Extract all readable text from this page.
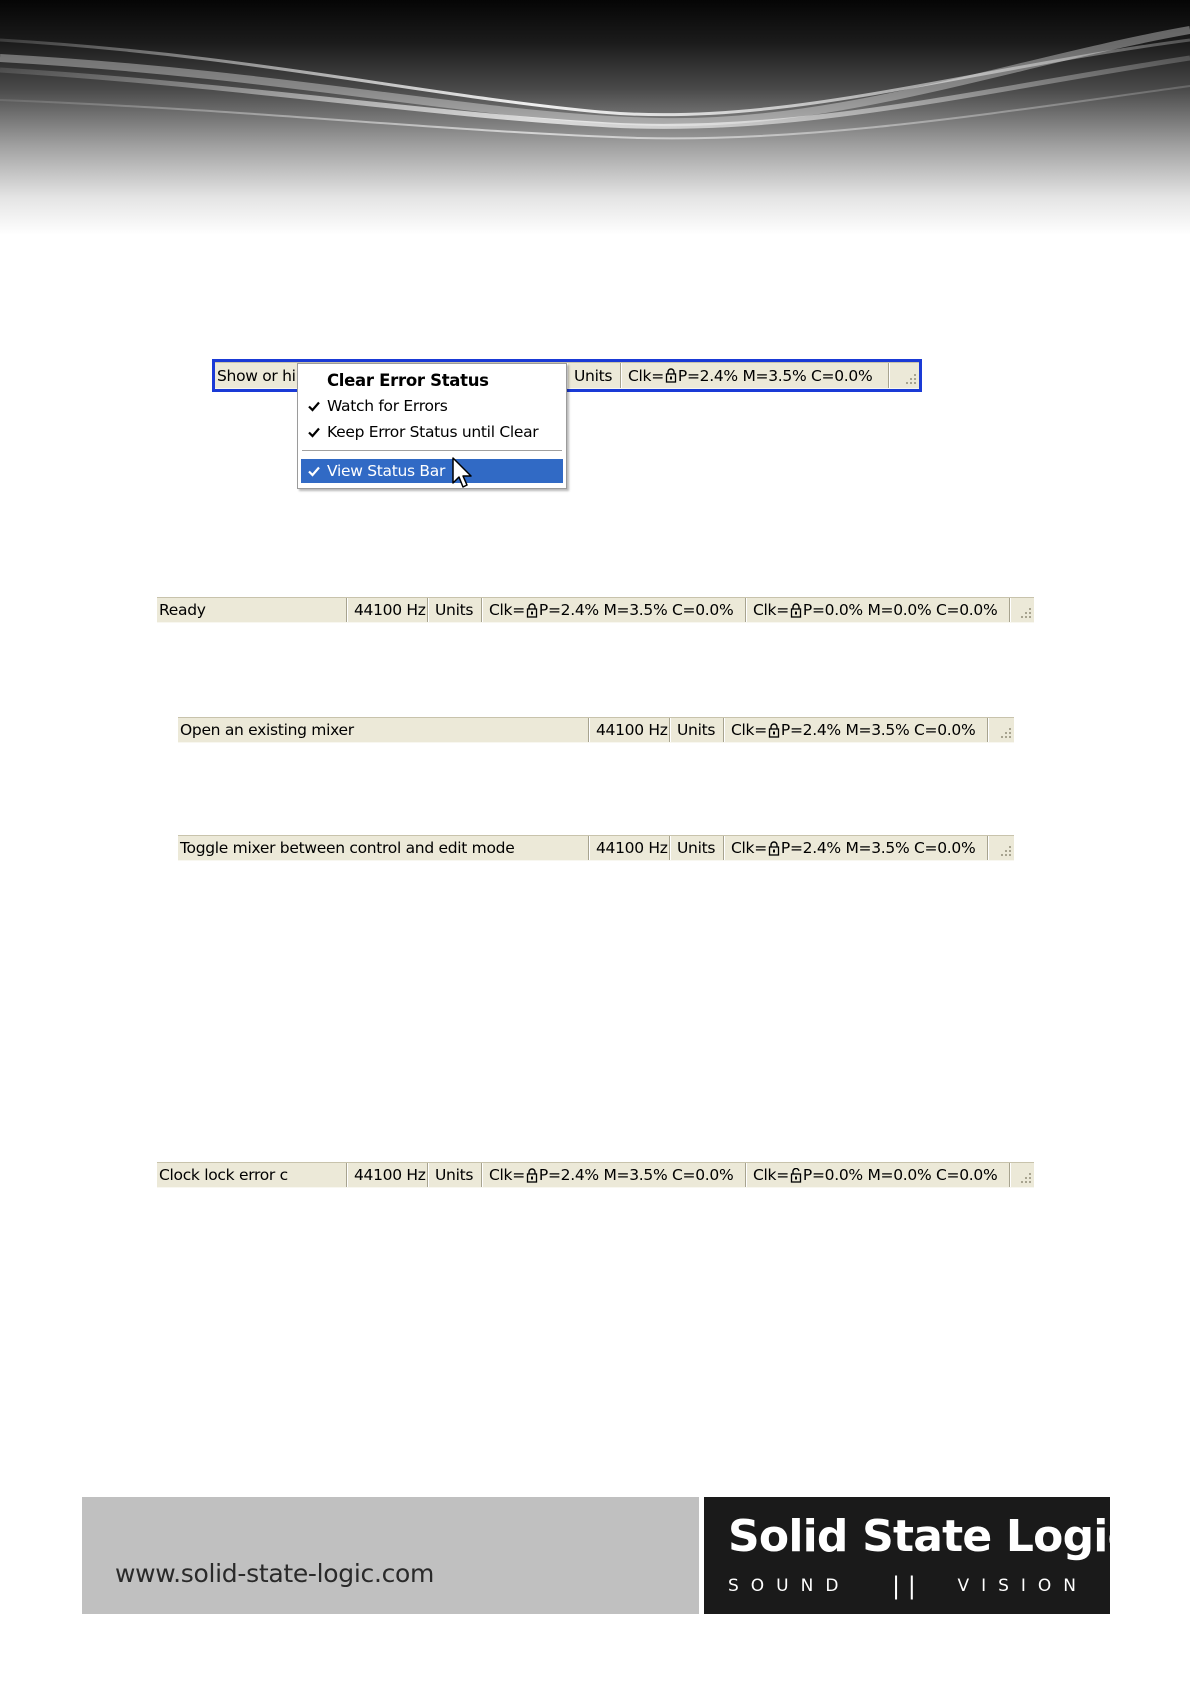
Show or hi	Units Clk= P=2.4% M=3.5% C=0.0%
Clear Error Status
Watch for Errors
Keep Error Status until Clear
View Status Bar
Ready	44100 Hz Units Clk= P=2.4% M=3.5% C=0.0% Clk= P=0.0% M=0.0% C=0.0%
Open an existing mixer	44100 Hz Units Clk= P=2.4% M=3.5% C=0.0%
Toggle mixer between control and edit mode	44100 Hz Units Clk= P=2.4% M=3.5% C=0.0%
Clock lock error c	44100 Hz Units Clk= P=2.4% M=3.5% C=0.0% Clk= P=0.0% M=0.0% C=0.0%
www.solid-state-logic.com
Solid State Logic
SOUND | | VISION
